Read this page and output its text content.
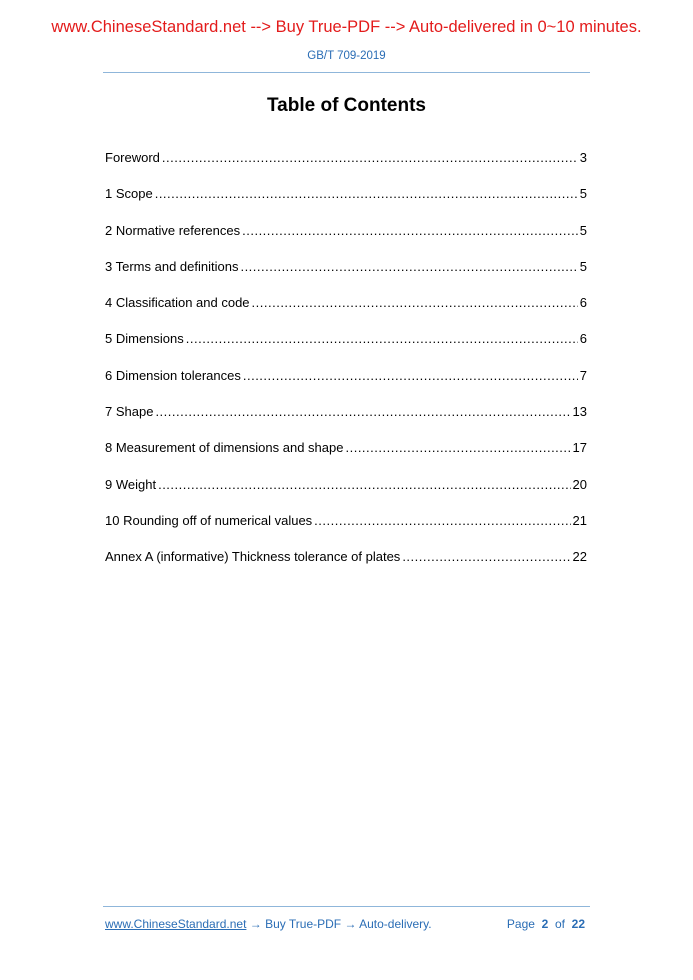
www.ChineseStandard.net --> Buy True-PDF --> Auto-delivered in 0~10 minutes.
GB/T 709-2019
Table of Contents
Foreword .....	3
1 Scope .....	5
2 Normative references .....	5
3 Terms and definitions .....	5
4 Classification and code .....	6
5 Dimensions .....	6
6 Dimension tolerances .....	7
7 Shape .....	13
8 Measurement of dimensions and shape .....	17
9 Weight .....	20
10 Rounding off of numerical values .....	21
Annex A (informative) Thickness tolerance of plates .....	22
www.ChineseStandard.net → Buy True-PDF → Auto-delivery.	Page 2 of 22
